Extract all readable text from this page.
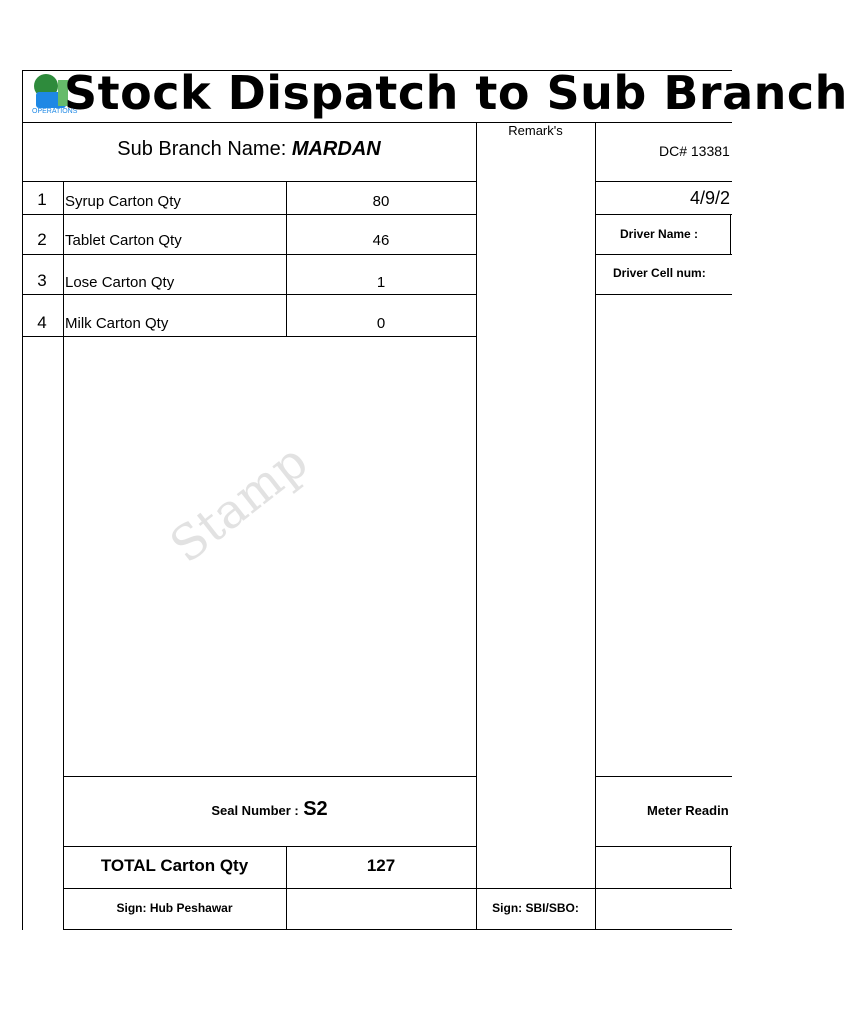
OPERATIONS
Stock Dispatch to Sub Branch
Sub Branch Name: MARDAN
Remark's
DC# 13381
4/9/2
Driver Name :
Driver Cell num:
1	Syrup Carton Qty	80
2	Tablet Carton Qty	46
3	Lose Carton Qty	1
4	Milk Carton Qty	0
Stamp
Seal Number : S2	Meter Readin
TOTAL Carton Qty	127
Sign: Hub Peshawar	Sign: SBI/SBO:
